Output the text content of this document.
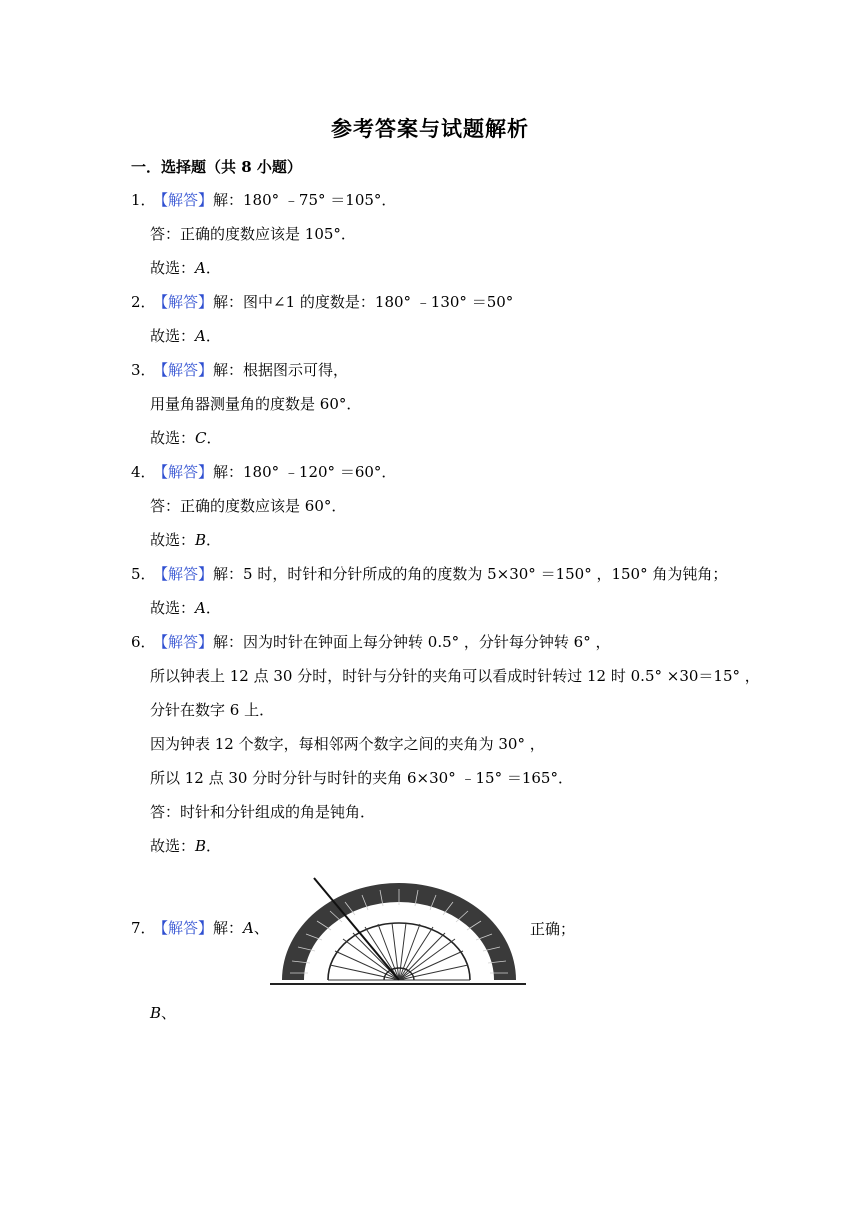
参考答案与试题解析
一．选择题（共 8 小题）
1．【解答】解：180° ﹣75° ＝105°．
答：正确的度数应该是 105°．
故选：A．
2．【解答】解：图中∠1 的度数是：180° ﹣130° ＝50°
故选：A．
3．【解答】解：根据图示可得，
用量角器测量角的度数是 60°．
故选：C．
4．【解答】解：180° ﹣120° ＝60°．
答：正确的度数应该是 60°．
故选：B．
5．【解答】解：5 时，时针和分针所成的角的度数为 5×30° ＝150° ，150° 角为钝角；
故选：A．
6．【解答】解：因为时针在钟面上每分钟转 0.5° ，分针每分钟转 6° ，
所以钟表上 12 点 30 分时，时针与分针的夹角可以看成时针转过 12 时 0.5° ×30＝15° ，
分针在数字 6 上．
因为钟表 12 个数字，每相邻两个数字之间的夹角为 30° ，
所以 12 点 30 分时分针与时针的夹角 6×30° ﹣15° ＝165°．
答：时针和分针组成的角是钝角．
故选：B．
7．【解答】解：A、	正确；
B、
